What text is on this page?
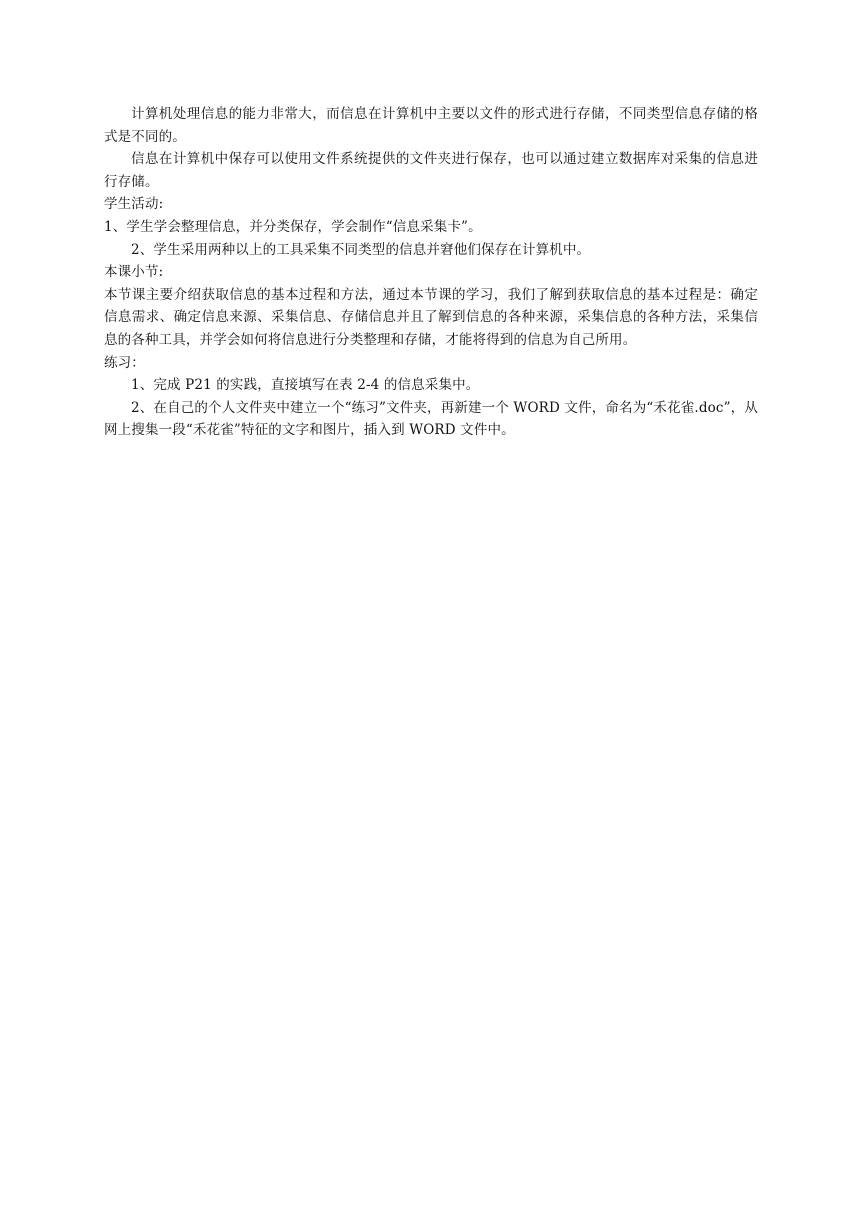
计算机处理信息的能力非常大，而信息在计算机中主要以文件的形式进行存储，不同类型信息存储的格式是不同的。

信息在计算机中保存可以使用文件系统提供的文件夹进行保存，也可以通过建立数据库对采集的信息进行存储。

学生活动:

1、学生学会整理信息，并分类保存，学会制作“信息采集卡”。

2、学生采用两种以上的工具采集不同类型的信息并窘他们保存在计算机中。

本课小节:

本节课主要介绍获取信息的基本过程和方法，通过本节课的学习，我们了解到获取信息的基本过程是：确定信息需求、确定信息来源、采集信息、存储信息并且了解到信息的各种来源，采集信息的各种方法，采集信息的各种工具，并学会如何将信息进行分类整理和存储，才能将得到的信息为自己所用。

练习：

1、完成 P21 的实践，直接填写在表 2-4 的信息采集中。

2、在自己的个人文件夹中建立一个“练习”文件夹，再新建一个 WORD 文件，命名为“禾花雀.doc”，从网上搜集一段“禾花雀”特征的文字和图片，插入到 WORD 文件中。
